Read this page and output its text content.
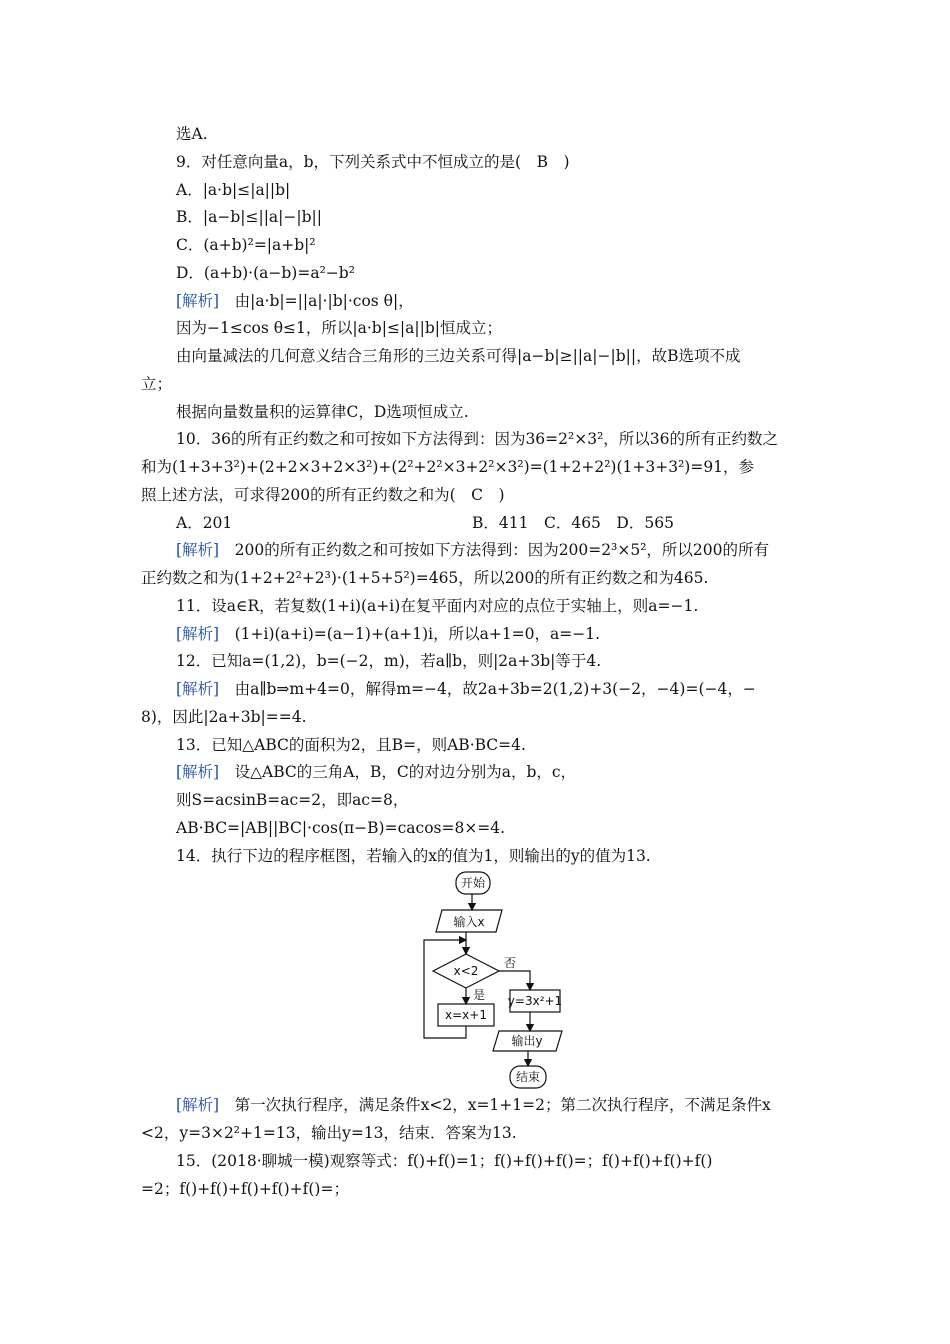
选A.
9．对任意向量a，b，下列关系式中不恒成立的是(　B　)
A．|a·b|≤|a||b|
B．|a−b|≤||a|−|b||
C．(a+b)²=|a+b|²
D．(a+b)·(a−b)=a²−b²
[解析]　由|a·b|=||a|·|b|·cos θ|，
因为−1≤cos θ≤1，所以|a·b|≤|a||b|恒成立；
由向量减法的几何意义结合三角形的三边关系可得|a−b|≥||a|−|b||，故B选项不成
立；
根据向量数量积的运算律C，D选项恒成立.
10．36的所有正约数之和可按如下方法得到：因为36=2²×3²，所以36的所有正约数之
和为(1+3+3²)+(2+2×3+2×3²)+(2²+2²×3+2²×3²)=(1+2+2²)(1+3+3²)=91，参
照上述方法，可求得200的所有正约数之和为(　C　)
A．201	B．411　C．465　D．565
[解析]　200的所有正约数之和可按如下方法得到：因为200=2³×5²，所以200的所有
正约数之和为(1+2+2²+2³)·(1+5+5²)=465，所以200的所有正约数之和为465.
11．设a∈R，若复数(1+i)(a+i)在复平面内对应的点位于实轴上，则a=−1.
[解析]　(1+i)(a+i)=(a−1)+(a+1)i，所以a+1=0，a=−1.
12．已知a=(1,2)，b=(−2，m)，若a∥b，则|2a+3b|等于4.
[解析]　由a∥b⇒m+4=0，解得m=−4，故2a+3b=2(1,2)+3(−2，−4)=(−4，−
8)，因此|2a+3b|==4.
13．已知△ABC的面积为2，且B=，则AB·BC=4.
[解析]　设△ABC的三角A，B，C的对边分别为a，b，c，
则S=acsinB=ac=2，即ac=8，
AB·BC=|AB||BC|·cos(π−B)=cacos=8×=4.
14．执行下边的程序框图，若输入的x的值为1，则输出的y的值为13.
开始
输入x
x<2
否
是 y=3x²+1
x=x+1
输出y
结束
[解析]　第一次执行程序，满足条件x<2，x=1+1=2；第二次执行程序，不满足条件x
<2，y=3×2²+1=13，输出y=13，结束．答案为13.
15．(2018·聊城一模)观察等式：f()+f()=1；f()+f()+f()=；f()+f()+f()+f()
=2；f()+f()+f()+f()+f()=；
